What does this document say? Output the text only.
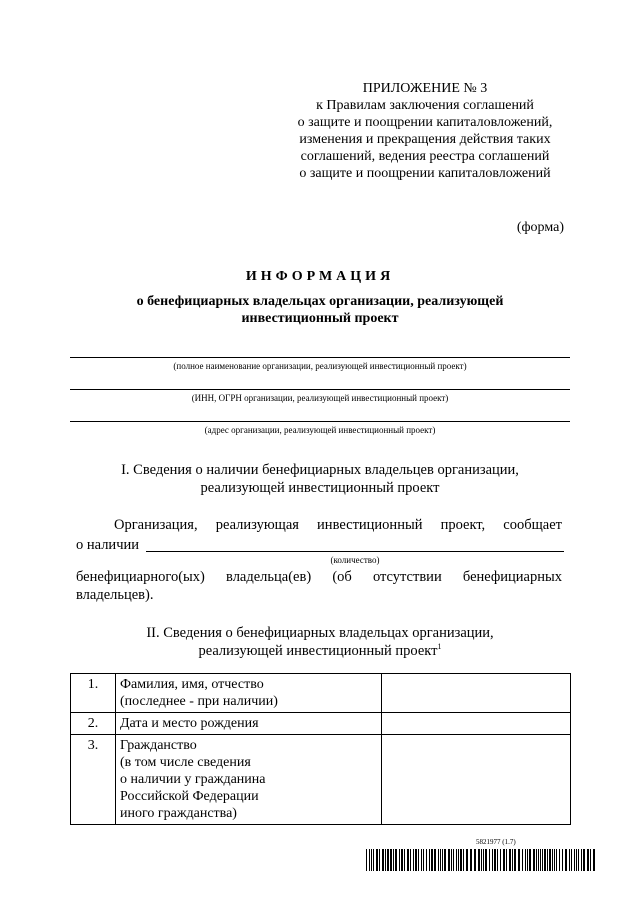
ПРИЛОЖЕНИЕ № 3
к Правилам заключения соглашений
о защите и поощрении капиталовложений,
изменения и прекращения действия таких
соглашений, ведения реестра соглашений
о защите и поощрении капиталовложений
(форма)
ИНФОРМАЦИЯ
о бенефициарных владельцах организации, реализующей инвестиционный проект
(полное наименование организации, реализующей инвестиционный проект)
(ИНН, ОГРН организации, реализующей инвестиционный проект)
(адрес организации, реализующей инвестиционный проект)
I. Сведения о наличии бенефициарных владельцев организации,
реализующей инвестиционный проект
Организация, реализующая инвестиционный проект, сообщает
о наличии
(количество)
бенефициарного(ых) владельца(ев) (об отсутствии бенефициарных
владельцев).
II. Сведения о бенефициарных владельцах организации,
реализующей инвестиционный проект$^1$
1.	Фамилия, имя, отчество
(последнее - при наличии)	

2.	Дата и место рождения	

3.	Гражданство
(в том числе сведения
о наличии у гражданина
Российской Федерации
иного гражданства)	

5821977 (1.7)
